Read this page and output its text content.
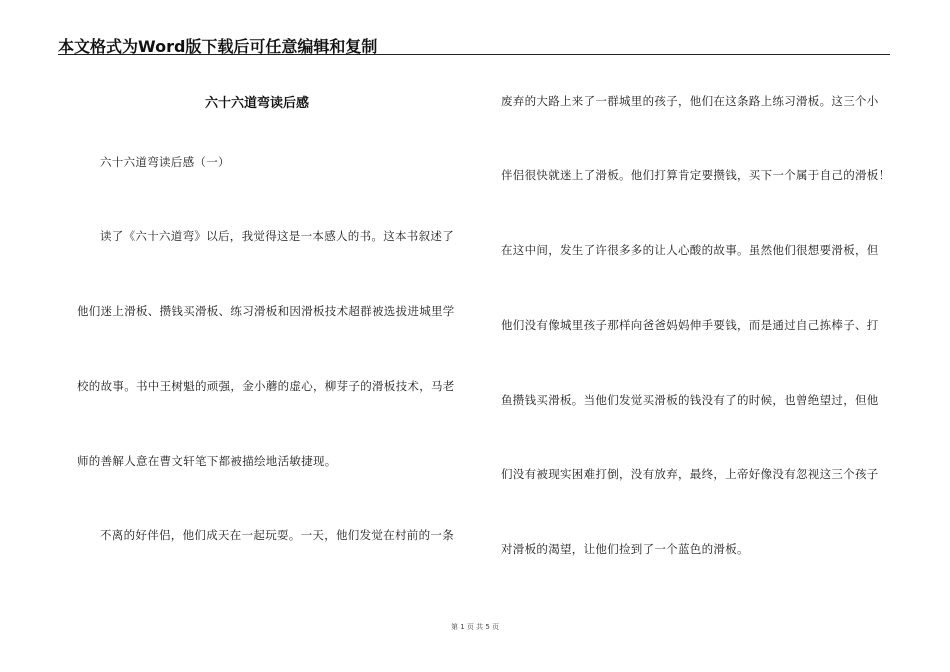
本文格式为Word版下载后可任意编辑和复制
六十六道弯读后感
六十六道弯读后感（一）
读了《六十六道弯》以后，我觉得这是一本感人的书。这本书叙述了
他们迷上滑板、攒钱买滑板、练习滑板和因滑板技术超群被选拔进城里学
校的故事。书中王树魁的顽强，金小蘑的虚心，柳芽子的滑板技术，马老
师的善解人意在曹文轩笔下都被描绘地活敏捷现。
不离的好伴侣，他们成天在一起玩耍。一天，他们发觉在村前的一条
废弃的大路上来了一群城里的孩子，他们在这条路上练习滑板。这三个小
伴侣很快就迷上了滑板。他们打算肯定要攒钱，买下一个属于自己的滑板！
在这中间，发生了许很多多的让人心酸的故事。虽然他们很想要滑板，但
他们没有像城里孩子那样向爸爸妈妈伸手要钱，而是通过自己拣棒子、打
鱼攒钱买滑板。当他们发觉买滑板的钱没有了的时候，也曾绝望过，但他
们没有被现实困难打倒，没有放弃，最终，上帝好像没有忽视这三个孩子
对滑板的渴望，让他们捡到了一个蓝色的滑板。
第 1 页 共 5 页
